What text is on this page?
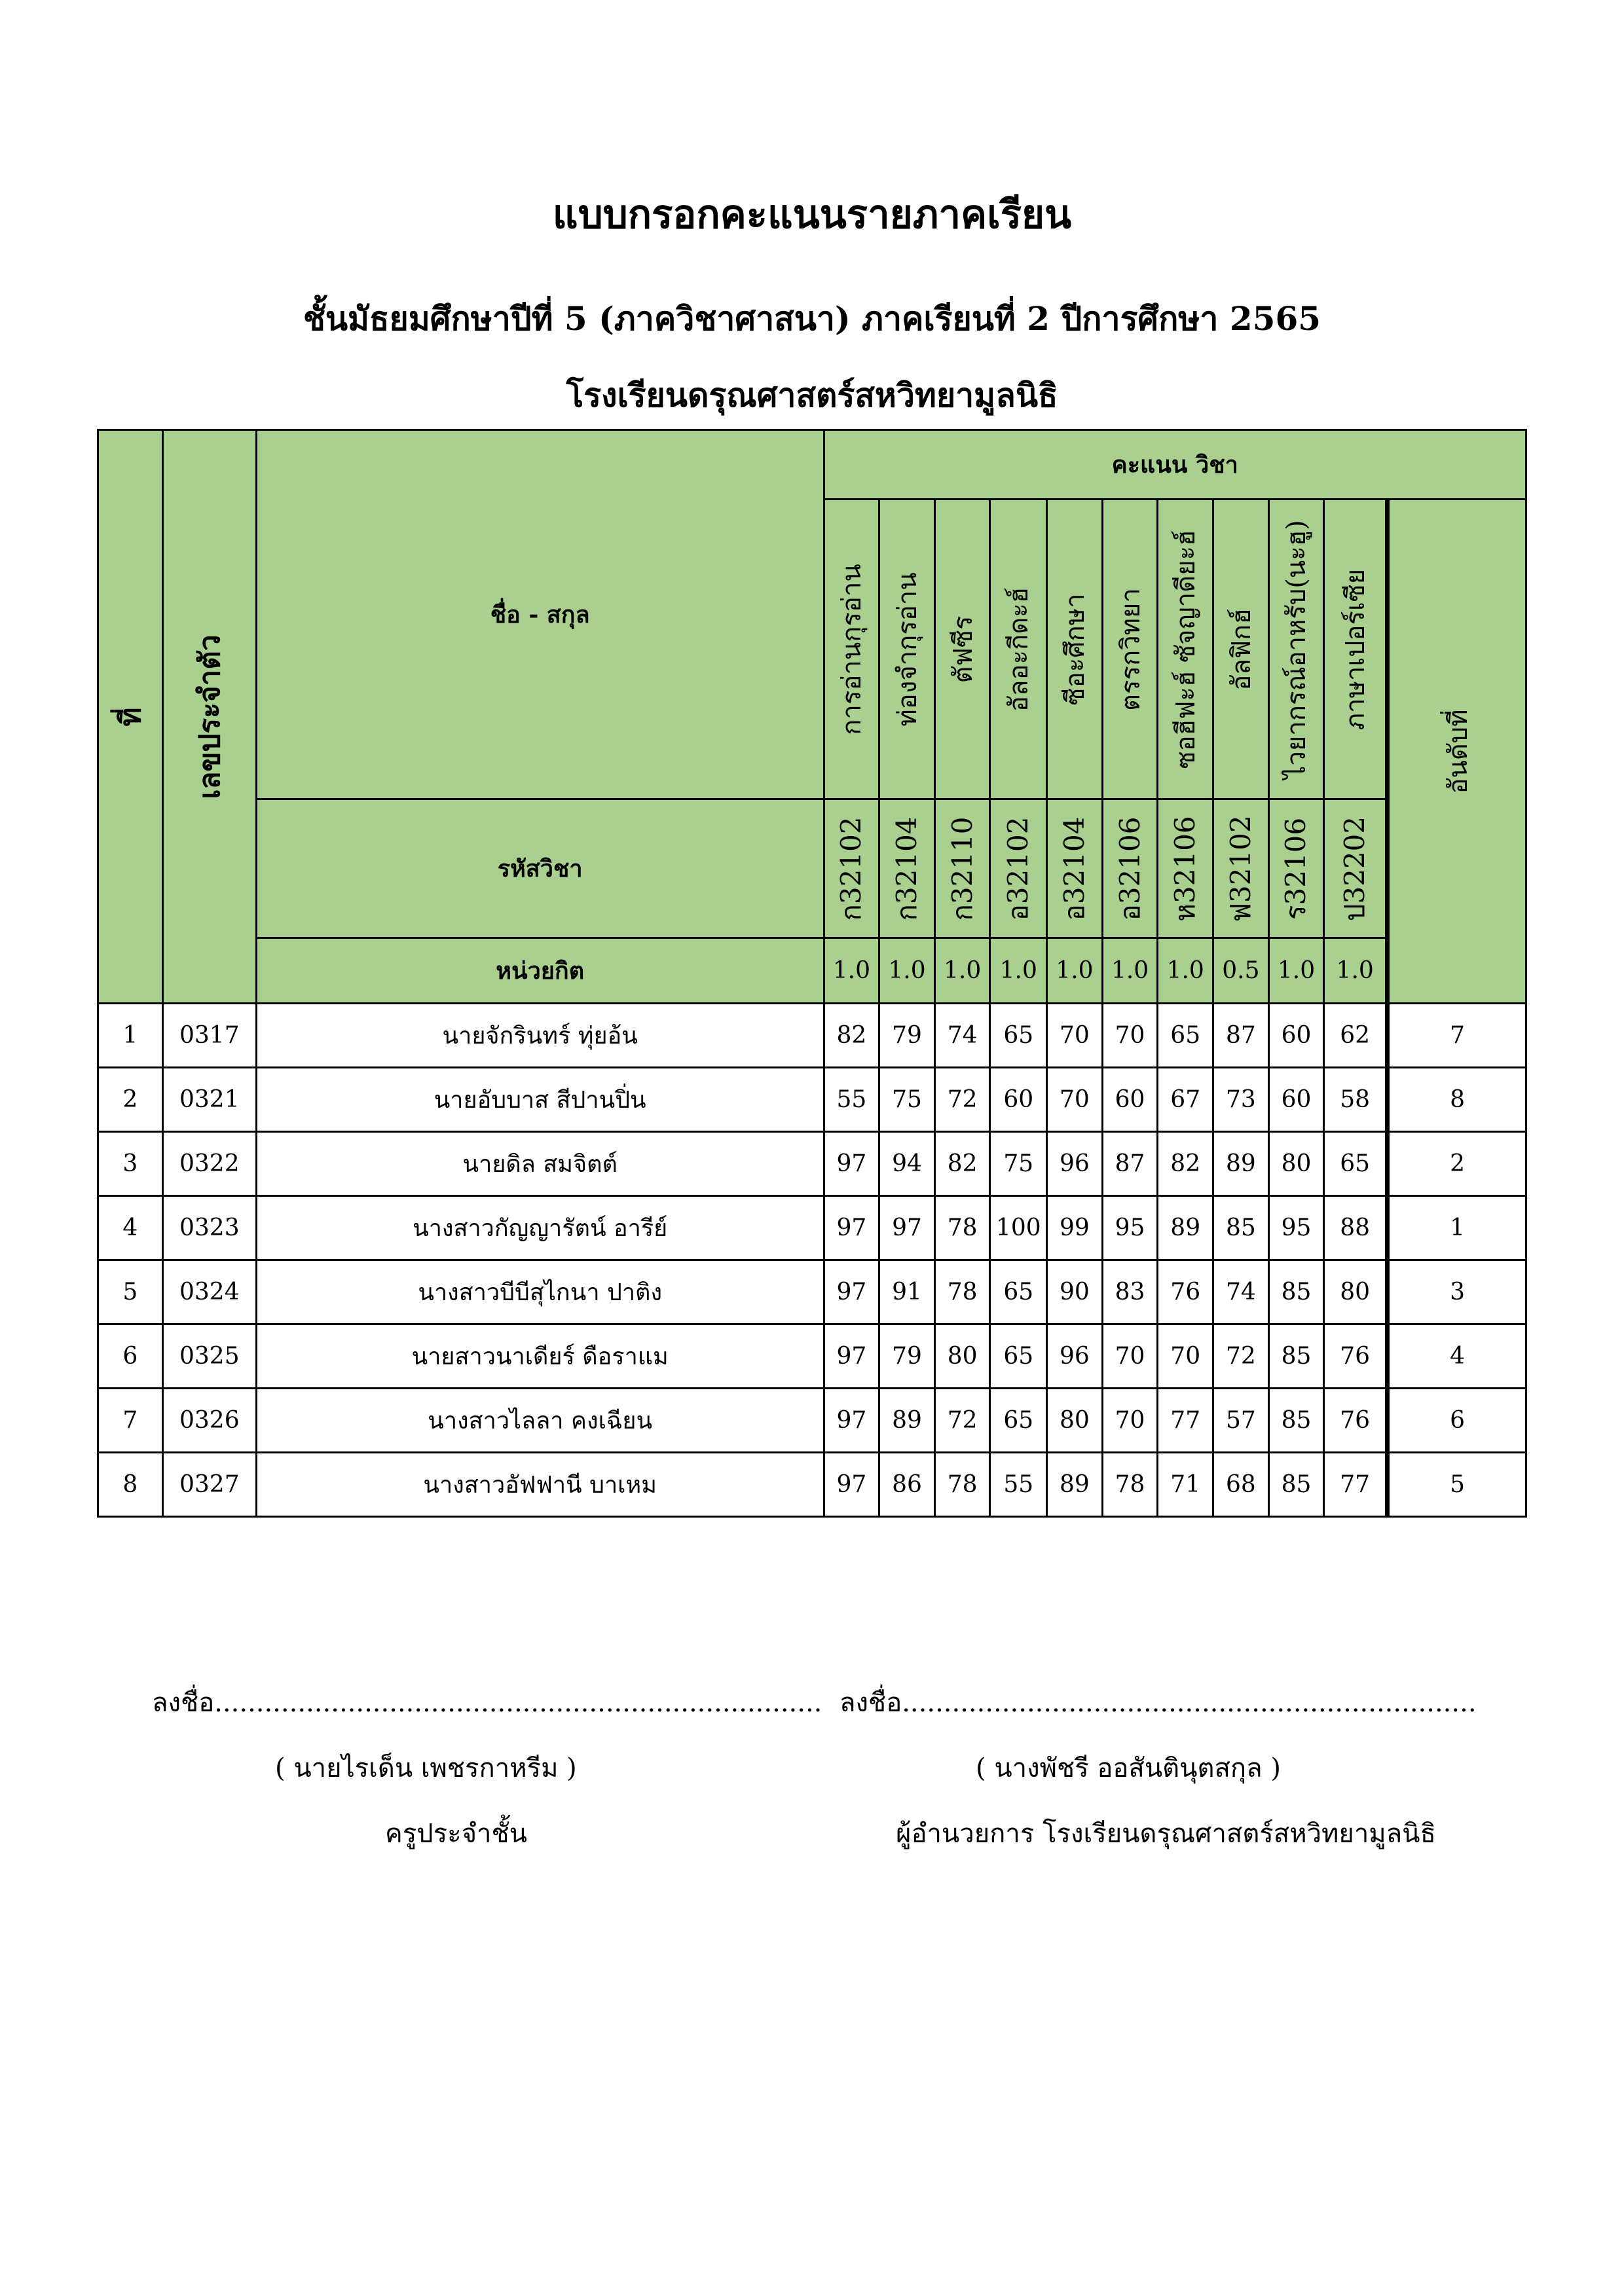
แบบกรอกคะแนนรายภาคเรียน
ชั้นมัธยมศึกษาปีที่ 5 (ภาควิชาศาสนา) ภาคเรียนที่ 2 ปีการศึกษา 2565
โรงเรียนดรุณศาสตร์สหวิทยามูลนิธิ
ที่	เลขประจำตัว	ชื่อ - สกุล	คะแนน วิชา										

			การอ่านกุรอ่าน	ท่องจำกุรอ่าน	ตัฟซีร	อัลอะกีดะฮ์	ซีอะศึกษา	ตรรกวิทยา	ซอฮีฟะฮ์ ซัจญาดียะฮ์	อัลฟิกฮ์	ไวยากรณ์อาหรับ(นะฮู)	ภาษาเปอร์เซีย	อันดับที่

		รหัสวิชา	ก32102	ก32104	ก32110	อ32102	อ32104	อ32106	ห32106	ฟ32102	ร32106	ป32202	

		หน่วยกิต	1.0	1.0	1.0	1.0	1.0	1.0	1.0	0.5	1.0	1.0	
1	0317	นายจักรินทร์ ทุ่ยอ้น	82	79	74	65	70	70	65	87	60	62	7
2	0321	นายอับบาส สีปานปิ่น	55	75	72	60	70	60	67	73	60	58	8
3	0322	นายดิล สมจิตต์	97	94	82	75	96	87	82	89	80	65	2
4	0323	นางสาวกัญญารัตน์ อารีย์	97	97	78	100	99	95	89	85	95	88	1
5	0324	นางสาวบีบีสุไกนา ปาติง	97	91	78	65	90	83	76	74	85	80	3
6	0325	นายสาวนาเดียร์ ดือราแม	97	79	80	65	96	70	70	72	85	76	4
7	0326	นางสาวไลลา คงเฉียน	97	89	72	65	80	70	77	57	85	76	6
8	0327	นางสาวอัฟฟานี บาเหม	97	86	78	55	89	78	71	68	85	77	5
ลงชื่อ......................................................................... ลงชื่อ.....................................................................
( นายไรเด็น เพชรกาหรีม )	( นางพัชรี ออสันตินุตสกุล )
ครูประจำชั้น	ผู้อำนวยการ โรงเรียนดรุณศาสตร์สหวิทยามูลนิธิ
